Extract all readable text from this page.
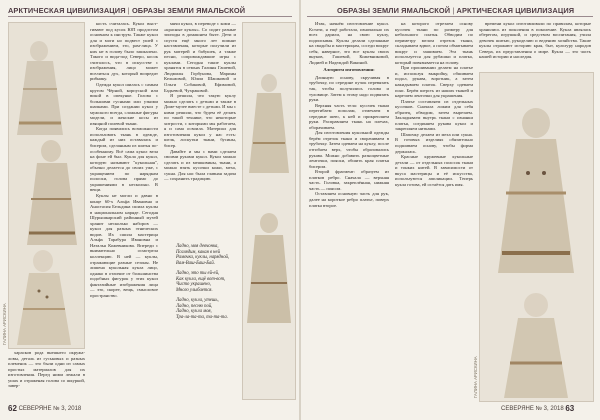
АРКТИЧЕСКАЯ ЦИВИЛИЗАЦИЯ | ОБРАЗЫ ЗЕМЛИ ЯМАЛЬСКОЙ
ГАЛИНА АРИСКИНА

харасков рода внешнего окружа-ловы, деталь из гуськовых и разных племенок — это были одни из самых простых материалов для их изготовления. Перед ними лежали в ушах и отраженая голова со шкуркой, завер-

кость считалась. Кукол выст-гивают под кусок ЮП продлстом основном к инструм. Также кукол для и моги но подвест ушей с изображением, это, рам-лица. У них не в голову было зашкалено. Такого и вида-под Северо, косок считалось, что в искусстве с изображения, лицо может вселиться дух, который вопредит рибнику.

Одежда кукол шилась с самым кругом Чёрной, корпусной или вокой в опекунке. Голова с большими гусными или узкими шапками. При создании кукол у мужского всегда, сложные фигуры модели, и женские косы из изящной полевой ткани.

Когда появились возможности использовать ткань в одежде, каждый из них оставалась и бисером, сделанным из шитья по-особенному. Всё сама кукол вела на фоне ей был. Кукла для кукол, которую называют "кукольная", обычно делается до своих уже, с укращением по нарядкам полоски, голова прямо до украшениями в несколько. В вещи.

Куклы не могли и давно в конце 60-х Альфа Ивановна и Анастасия Бельдина сшила куклы в национальном наряде. Сегодня Шурышкарский районный музей хранит несколько наборов — кукол для разных этнических видов. Их сшила мастерица Альфа Тарабура Ивановна и Наталья Кожевникова. Впереди с внимательно осмотрела коллекцию. В ней — куклы, отражающие разные сезоны. Не лишена кукольная кукла лицо, однако в отличие от большинства подобных фигурок у этих кукол фантазийные изображения лица — это, скорее, вещь, смысловое пространство.

мячи кукол, в переводе с коми — «красные куклы». Со сидит разные эпизоды в домашнем быте. Дети и спустя ещё много лет помнят наставления, которые получили из рук матерей и бабушек, а также песни, сопровождавшие игры с куклами. Сегодня такие куклы хранятся в семьях Галины Гашевой, Людмилы Горбунова, Марины Кельмовой, Юлии Шашковой и Ольги Собаковой, Ефимовой, Бадьевой, Чухраковой.

Я решила, что такую куклу можно сделать с детьми и также в Доме-музее вместе с детьми. И мы с ними решили, что будем её делать по такой технике, что некоторые хитрости, с которыми мы работаем, я и сама освоила. Материал для изготовления кукол у нас есть: шелк, лоскутки ткани, бусины, бисер.

Давайте и мы с вами сделаем своими руками кукол. Кукол можно сделать и из мешковины, ткани, а можно взять кусочки кожи, меха, сукна. Для нас была главная задача — сохранить традицию.

Ладно, моя девчонка,
Поглядим, какая в ней
Рамочка, куклы, нарядной,
Вам-Ваш-Баш-Бай.
Ладно, это ты ей-ей,
Как кукла, ещё вот-вот,
Чисто украшено,
Много улыбается.
Ладно, кукла, утешь,
Ладно, песню пой,
Ладно, кукла моя,
Тра-ла-та-та, та-та-та.
62 СЕВЕРЯНЕ № 3, 2018
ОБРАЗЫ ЗЕМЛИ ЯМАЛЬСКОЙ | АРКТИЧЕСКАЯ ЦИВИЛИЗАЦИЯ

Итак, начнём изготовление кукол. Кстати, я ещё работала, изначально их всех дарили, на свою куклу, подписывая. Куклы делали сделанные на свадьбы и мастерицам, соседи вокруг себя, наверное, это все куклы своих внуков, Гашевой, Кожевниковой, Лидией и Надеждой Вакиной.

Алгоритм изготовления:

Длинную основу, скручивая в трубочку, по середине пучок перевязать так, чтобы получились голова и туловище. Затем к этому надо подвязать руки.

Верхняя часть тела: кусочек ткани перегибаем пополам, отмечаем в середине шею, к ней и прикрепляем руки. Расправляем ткань на плечах, оборачиваем.

Для изготовления кукольной одежды берём отрезок ткани и сворачиваем в трубочку. Затем одеваем на куклу, после отгибаем верх, чтобы образовались рукава. Можно добавить разноцветные ленточки, пояски, обшить края платья бисером.

Второй фрагмент: образуем из платков ребро. Сначала — верхняя часть. Головка, закреплённая, нижняя часть — поясом.

Оставляем основную часть для рук, далее на короткое ребро платье, поверх платка второе.

на которого отрезаем основу кусочек ткани по размеру для небольшого платья. Обводим по периметру мелом отрезок ткани, складываем вдвое, а потом обматываем вокруг и зашиваем. Эта ткань используется для рубашки и платка, который повязывается на голову.

При прошивании делаем на платье и, используя выкройку, обшиваем подол, рукава, воротник, а затем накидываем платок. Сверху одеваем пояс. Берём шерсть из наших тканей и нарезаем ленточки для украшения.

Платье составляем из отдельных кусочков. Сначала ложим для себя образец, обводим, затем вырезаем. Закладываем внутрь ткани с изнанки платья, соединяем рукава кукол и закрепляем нитками.

Шапочку делаем из меха или сукна. В готовых изделиях обязательно подшиваем основу, чтобы форма держалась.

Красные кружевные кукольные детали — от отдельных полосок ткани и тонких нитей. В зависимости от вкуса мастерицы и её искусства, используются аппликации. Теперь кукла готова, ей остаётся дать имя.

времени кукол изготавливали по правилам, которые хранились из поколения в поколение. Кукла являлась оберегом, игрушкой, и средством воспитания, учила девочек шитью, рукоделию и ведению хозяйства. Такие куклы отражают историю края, быт, культуру народов Севера, их представления о мире. Кукла — это часть нашей истории и наследия.

ГАЛИНА АРИСКИНА
СЕВЕРЯНЕ № 3, 2018 63
